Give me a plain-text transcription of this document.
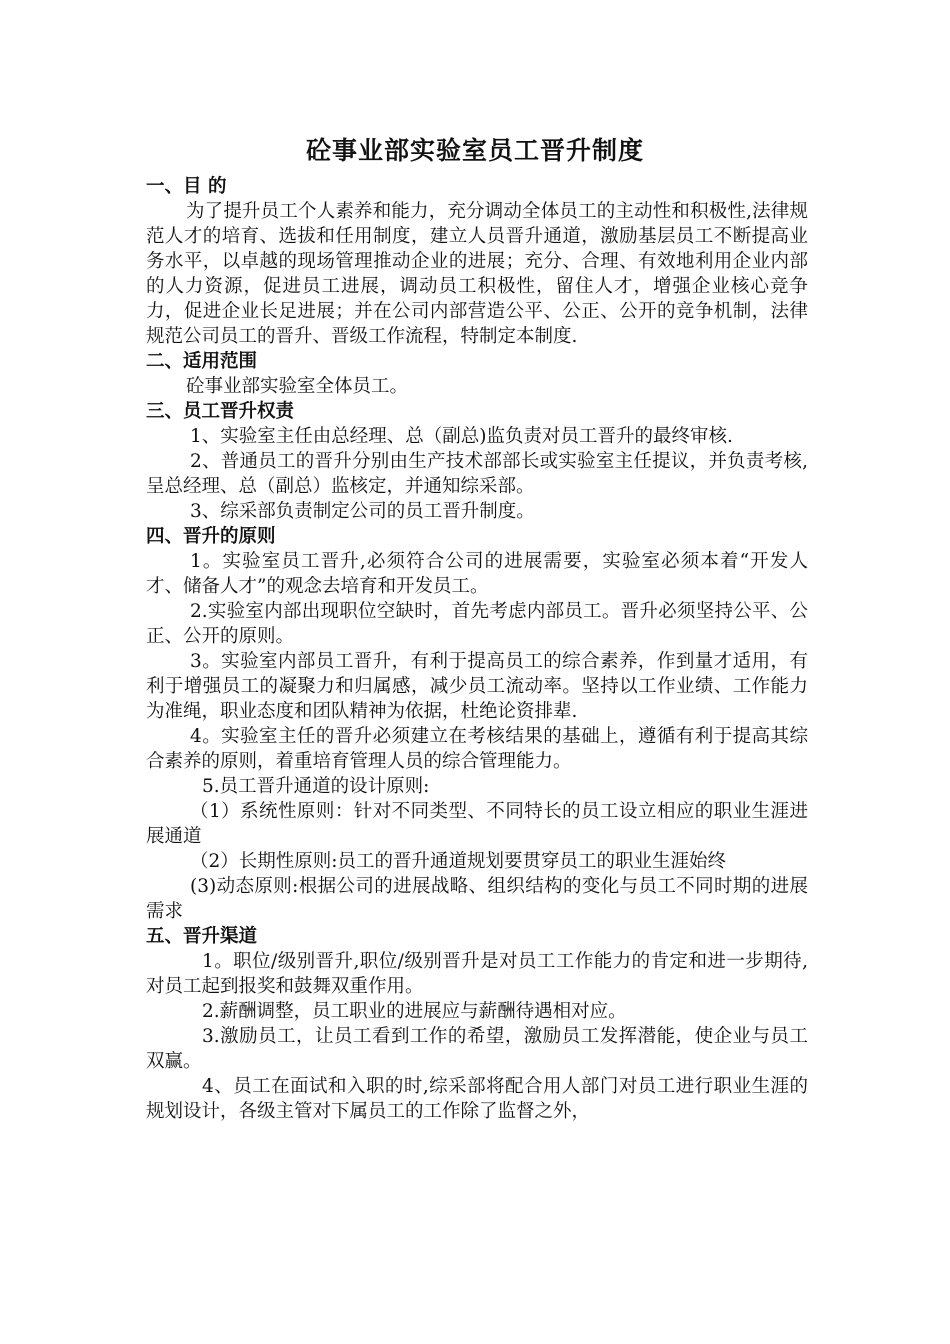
砼事业部实验室员工晋升制度

一、目 的

为了提升员工个人素养和能力，充分调动全体员工的主动性和积极性,法律规范人才的培育、选拔和任用制度，建立人员晋升通道，激励基层员工不断提高业务水平，以卓越的现场管理推动企业的进展；充分、合理、有效地利用企业内部的人力资源，促进员工进展，调动员工积极性，留住人才，增强企业核心竞争力，促进企业长足进展；并在公司内部营造公平、公正、公开的竞争机制，法律规范公司员工的晋升、晋级工作流程，特制定本制度.

二、适用范围

砼事业部实验室全体员工。

三、员工晋升权责

1、实验室主任由总经理、总（副总)监负责对员工晋升的最终审核.

2、普通员工的晋升分别由生产技术部部长或实验室主任提议，并负责考核,呈总经理、总（副总）监核定，并通知综采部。

3、综采部负责制定公司的员工晋升制度。

四、晋升的原则

1。实验室员工晋升,必须符合公司的进展需要，实验室必须本着“开发人才、储备人才”的观念去培育和开发员工。

2.实验室内部出现职位空缺时，首先考虑内部员工。晋升必须坚持公平、公正、公开的原则。

3。实验室内部员工晋升，有利于提高员工的综合素养，作到量才适用，有利于增强员工的凝聚力和归属感，减少员工流动率。坚持以工作业绩、工作能力为准绳，职业态度和团队精神为依据，杜绝论资排辈.

4。实验室主任的晋升必须建立在考核结果的基础上，遵循有利于提高其综合素养的原则，着重培育管理人员的综合管理能力。

5.员工晋升通道的设计原则:

（1）系统性原则：针对不同类型、不同特长的员工设立相应的职业生涯进展通道

（2）长期性原则:员工的晋升通道规划要贯穿员工的职业生涯始终

(3)动态原则:根据公司的进展战略、组织结构的变化与员工不同时期的进展需求

五、晋升渠道

1。职位/级别晋升,职位/级别晋升是对员工工作能力的肯定和进一步期待,对员工起到报奖和鼓舞双重作用。

2.薪酬调整，员工职业的进展应与薪酬待遇相对应。

3.激励员工，让员工看到工作的希望，激励员工发挥潜能，使企业与员工双赢。

4、员工在面试和入职的时,综采部将配合用人部门对员工进行职业生涯的规划设计，各级主管对下属员工的工作除了监督之外，
